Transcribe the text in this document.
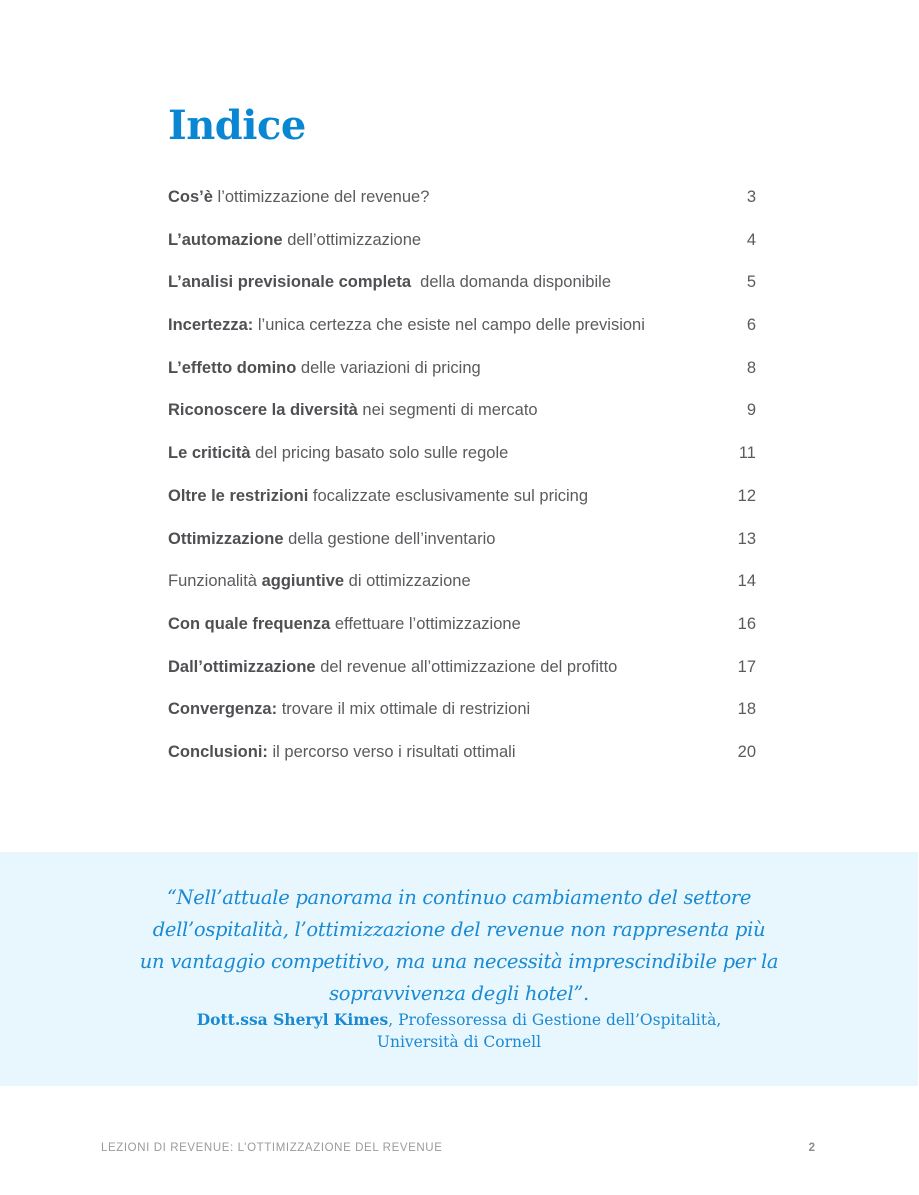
Indice
Cos’è l’ottimizzazione del revenue?	3
L’automazione dell’ottimizzazione	4
L’analisi previsionale completa  della domanda disponibile	5
Incertezza: l’unica certezza che esiste nel campo delle previsioni	6
L’effetto domino delle variazioni di pricing	8
Riconoscere la diversità nei segmenti di mercato	9
Le criticità del pricing basato solo sulle regole	11
Oltre le restrizioni focalizzate esclusivamente sul pricing	12
Ottimizzazione della gestione dell’inventario	13
Funzionalità aggiuntive di ottimizzazione	14
Con quale frequenza effettuare l’ottimizzazione	16
Dall’ottimizzazione del revenue all’ottimizzazione del profitto	17
Convergenza: trovare il mix ottimale di restrizioni	18
Conclusioni: il percorso verso i risultati ottimali	20
“Nell’attuale panorama in continuo cambiamento del settore
dell’ospitalità, l’ottimizzazione del revenue non rappresenta più
un vantaggio competitivo, ma una necessità imprescindibile per la
sopravvivenza degli hotel”.
Dott.ssa Sheryl Kimes, Professoressa di Gestione dell’Ospitalità,
Università di Cornell
LEZIONI DI REVENUE: L’OTTIMIZZAZIONE DEL REVENUE	2
